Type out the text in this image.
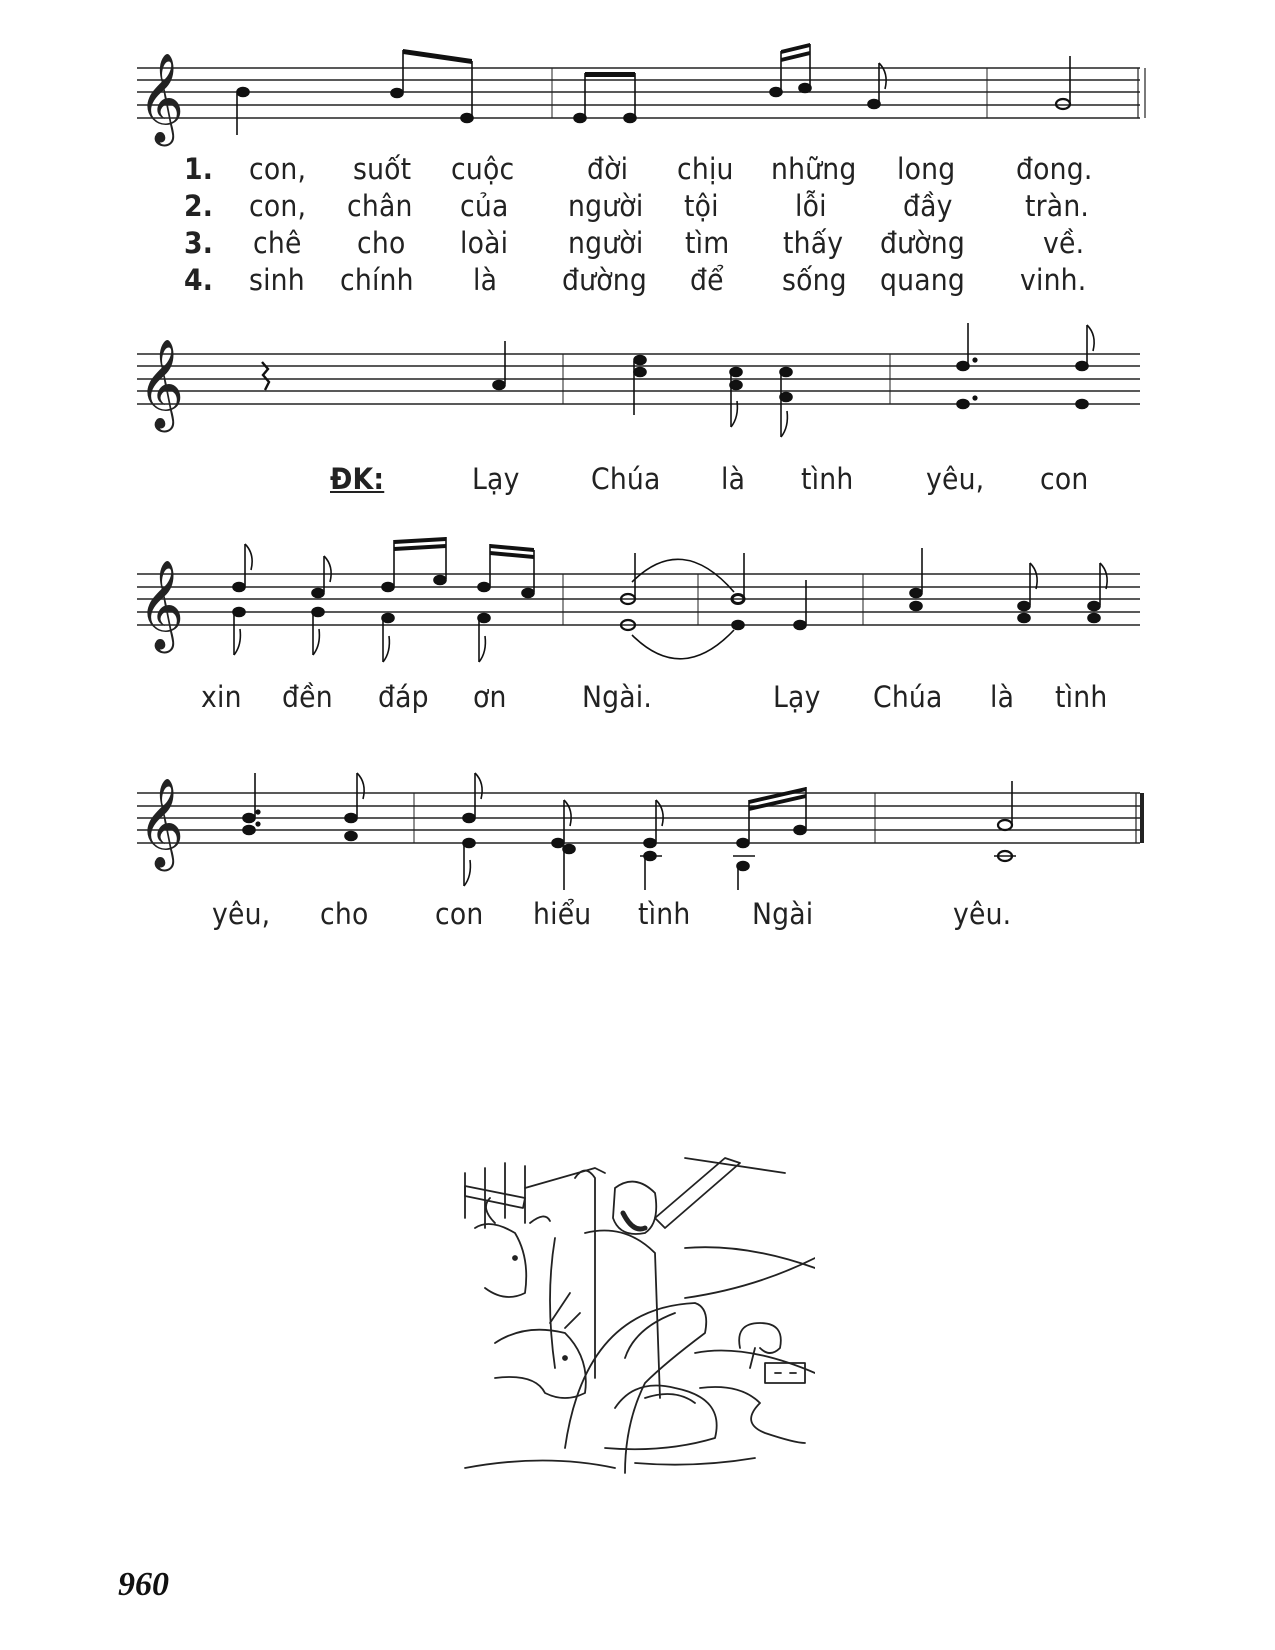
𝄞
𝄞
𝄞
𝄞
1. con, suốt cuộc	đời chịu những long đong.
2. con, chân của người tội	lỗi	đầy tràn.
3. chê cho loài người tìm thấy đường	về.
4. sinh chính là đường để sống quang vinh.
ĐK:	Lạy Chúa là tình	yêu, con
xin đền đáp ơn	Ngài.	Lạy Chúa là tình
yêu, cho con hiểu tình Ngài	yêu.
960
